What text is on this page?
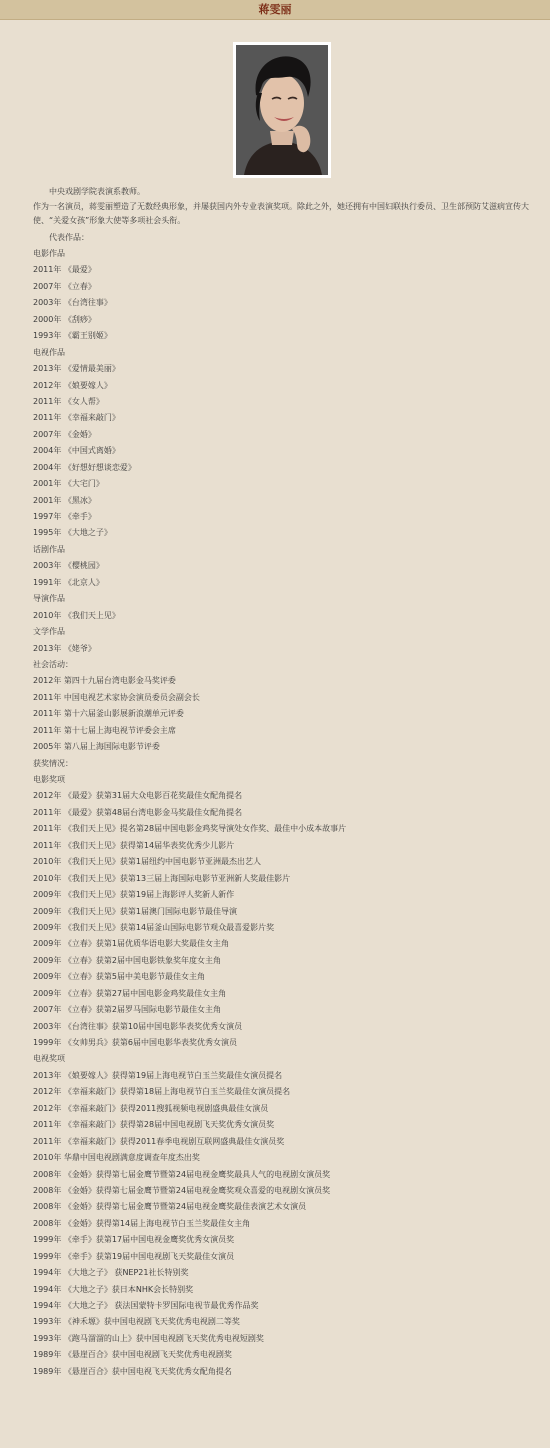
蒋雯丽

中央戏剧学院表演系教师。

作为一名演员，蒋雯丽塑造了无数经典形象，并屡获国内外专业表演奖项。除此之外，她还拥有中国妇联执行委员、卫生部预防艾滋病宣传大使、“关爱女孩”形象大使等多项社会头衔。

代表作品：

电影作品

2011年 《最爱》

2007年 《立春》

2003年 《台湾往事》

2000年 《刮痧》

1993年 《霸王别姬》

电视作品

2013年 《爱情最美丽》

2012年 《娘要嫁人》

2011年 《女人帮》

2011年 《幸福来敲门》

2007年 《金婚》

2004年 《中国式离婚》

2004年 《好想好想谈恋爱》

2001年 《大宅门》

2001年 《黑冰》

1997年 《牵手》

1995年 《大地之子》

话剧作品

2003年 《樱桃园》

1991年 《北京人》

导演作品

2010年 《我们天上见》

文学作品

2013年 《姥爷》

社会活动：

2012年 第四十九届台湾电影金马奖评委

2011年 中国电视艺术家协会演员委员会副会长

2011年 第十六届釜山影展新浪潮单元评委

2011年 第十七届上海电视节评委会主席

2005年 第八届上海国际电影节评委

获奖情况：

电影奖项

2012年 《最爱》获第31届大众电影百花奖最佳女配角提名

2011年 《最爱》获第48届台湾电影金马奖最佳女配角提名

2011年 《我们天上见》提名第28届中国电影金鸡奖导演处女作奖、最佳中小成本故事片

2011年 《我们天上见》获得第14届华表奖优秀少儿影片

2010年 《我们天上见》获第1届纽约中国电影节亚洲最杰出艺人

2010年 《我们天上见》获第13三届上海国际电影节亚洲新人奖最佳影片

2009年 《我们天上见》获第19届上海影评人奖新人新作

2009年 《我们天上见》获第1届澳门国际电影节最佳导演

2009年 《我们天上见》获第14届釜山国际电影节观众最喜爱影片奖

2009年 《立春》获第1届优质华语电影大奖最佳女主角

2009年 《立春》获第2届中国电影铁象奖年度女主角

2009年 《立春》获第5届中美电影节最佳女主角

2009年 《立春》获第27届中国电影金鸡奖最佳女主角

2007年 《立春》获第2届罗马国际电影节最佳女主角

2003年 《台湾往事》获第10届中国电影华表奖优秀女演员

1999年 《女帅男兵》获第6届中国电影华表奖优秀女演员

电视奖项

2013年 《娘要嫁人》获得第19届上海电视节白玉兰奖最佳女演员提名

2012年 《幸福来敲门》获得第18届上海电视节白玉兰奖最佳女演员提名

2012年 《幸福来敲门》获得2011搜狐视频电视剧盛典最佳女演员

2011年 《幸福来敲门》获得第28届中国电视剧飞天奖优秀女演员奖

2011年 《幸福来敲门》获得2011春季电视剧互联网盛典最佳女演员奖

2010年 华鼎中国电视剧满意度调查年度杰出奖

2008年 《金婚》获得第七届金鹰节暨第24届电视金鹰奖最具人气的电视剧女演员奖

2008年 《金婚》获得第七届金鹰节暨第24届电视金鹰奖观众喜爱的电视剧女演员奖

2008年 《金婚》获得第七届金鹰节暨第24届电视金鹰奖最佳表演艺术女演员

2008年 《金婚》获得第14届上海电视节白玉兰奖最佳女主角

1999年 《牵手》获第17届中国电视金鹰奖优秀女演员奖

1999年 《牵手》获第19届中国电视剧飞天奖最佳女演员

1994年 《大地之子》 获NEP21社长特别奖

1994年 《大地之子》获日本NHK会长特别奖

1994年 《大地之子》 获法国蒙特卡罗国际电视节最优秀作品奖

1993年 《神禾塬》获中国电视剧飞天奖优秀电视剧二等奖

1993年 《跑马溜溜的山上》获中国电视剧飞天奖优秀电视短剧奖

1989年 《悬崖百合》获中国电视剧飞天奖优秀电视剧奖

1989年 《悬崖百合》获中国电视飞天奖优秀女配角提名
